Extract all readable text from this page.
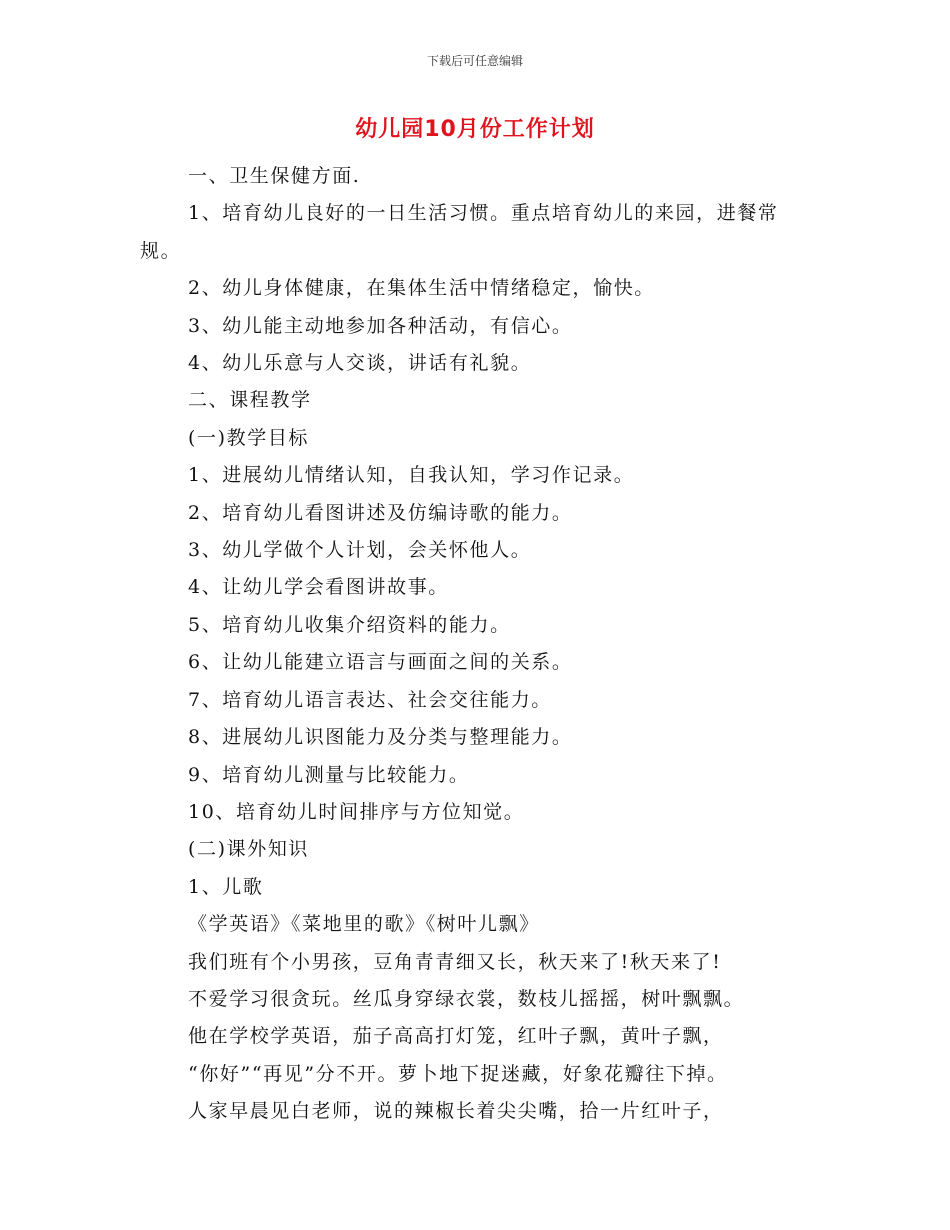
下载后可任意编辑
幼儿园10月份工作计划

一、卫生保健方面.

1、培育幼儿良好的一日生活习惯。重点培育幼儿的来园，进餐常

规。

2、幼儿身体健康，在集体生活中情绪稳定，愉快。

3、幼儿能主动地参加各种活动，有信心。

4、幼儿乐意与人交谈，讲话有礼貌。

二、课程教学

(一)教学目标

1、进展幼儿情绪认知，自我认知，学习作记录。

2、培育幼儿看图讲述及仿编诗歌的能力。

3、幼儿学做个人计划，会关怀他人。

4、让幼儿学会看图讲故事。

5、培育幼儿收集介绍资料的能力。

6、让幼儿能建立语言与画面之间的关系。

7、培育幼儿语言表达、社会交往能力。

8、进展幼儿识图能力及分类与整理能力。

9、培育幼儿测量与比较能力。

10、培育幼儿时间排序与方位知觉。

(二)课外知识

1、儿歌

《学英语》《菜地里的歌》《树叶儿飘》

我们班有个小男孩，豆角青青细又长，秋天来了!秋天来了!

不爱学习很贪玩。丝瓜身穿绿衣裳，数枝儿摇摇，树叶飘飘。

他在学校学英语，茄子高高打灯笼，红叶子飘，黄叶子飘，

“你好”“再见”分不开。萝卜地下捉迷藏，好象花瓣往下掉。

人家早晨见白老师，说的辣椒长着尖尖嘴，拾一片红叶子，
